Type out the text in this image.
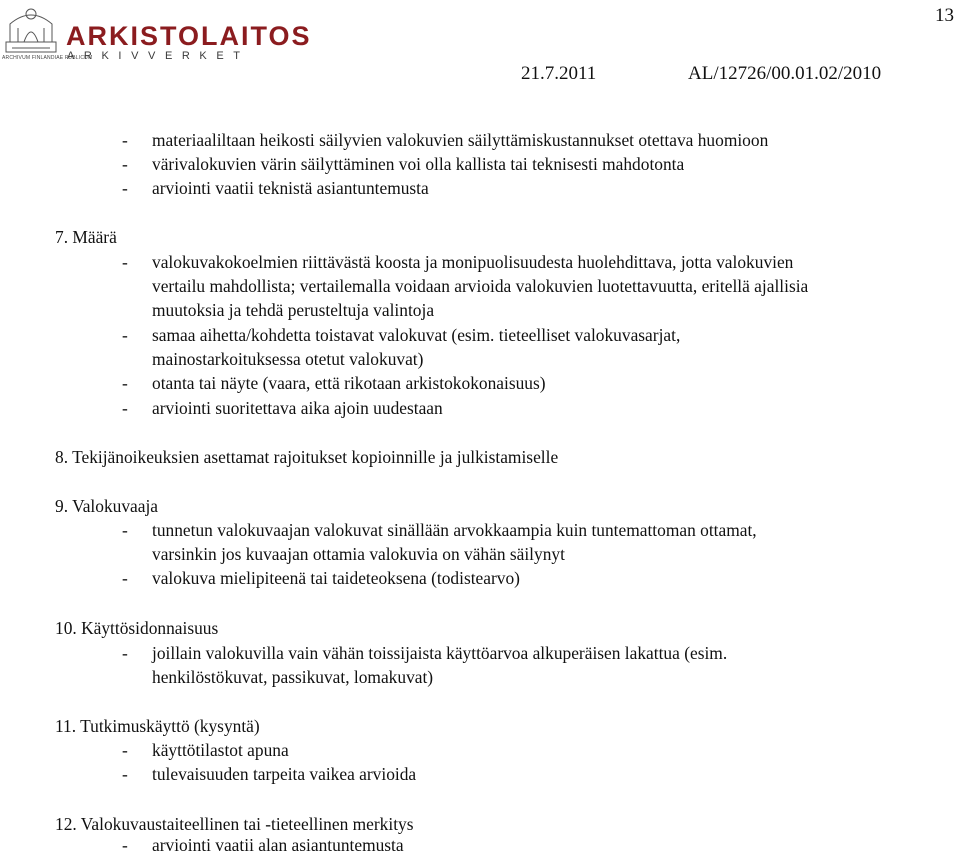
ARCHIVUM FINLANDIAE PUBLICUM
ARKISTOLAITOS
ARKIVVERKET
13
21.7.2011	AL/12726/00.01.02/2010
- materiaaliltaan heikosti säilyvien valokuvien säilyttämiskustannukset otettava huomioon
- värivalokuvien värin säilyttäminen voi olla kallista tai teknisesti mahdotonta
- arviointi vaatii teknistä asiantuntemusta
7. Määrä
- valokuvakokoelmien riittävästä koosta ja monipuolisuudesta huolehdittava, jotta valokuvien
vertailu mahdollista; vertailemalla voidaan arvioida valokuvien luotettavuutta, eritellä ajallisia
muutoksia ja tehdä perusteltuja valintoja
- samaa aihetta/kohdetta toistavat valokuvat (esim. tieteelliset valokuvasarjat,
mainostarkoituksessa otetut valokuvat)
- otanta tai näyte (vaara, että rikotaan arkistokokonaisuus)
- arviointi suoritettava aika ajoin uudestaan
8. Tekijänoikeuksien asettamat rajoitukset kopioinnille ja julkistamiselle
9. Valokuvaaja
- tunnetun valokuvaajan valokuvat sinällään arvokkaampia kuin tuntemattoman ottamat,
varsinkin jos kuvaajan ottamia valokuvia on vähän säilynyt
- valokuva mielipiteenä tai taideteoksena (todistearvo)
10. Käyttösidonnaisuus
- joillain valokuvilla vain vähän toissijaista käyttöarvoa alkuperäisen lakattua (esim.
henkilöstökuvat, passikuvat, lomakuvat)
11. Tutkimuskäyttö (kysyntä)
- käyttötilastot apuna
- tulevaisuuden tarpeita vaikea arvioida
12. Valokuvaustaiteellinen tai -tieteellinen merkitys
- arviointi vaatii alan asiantuntemusta
